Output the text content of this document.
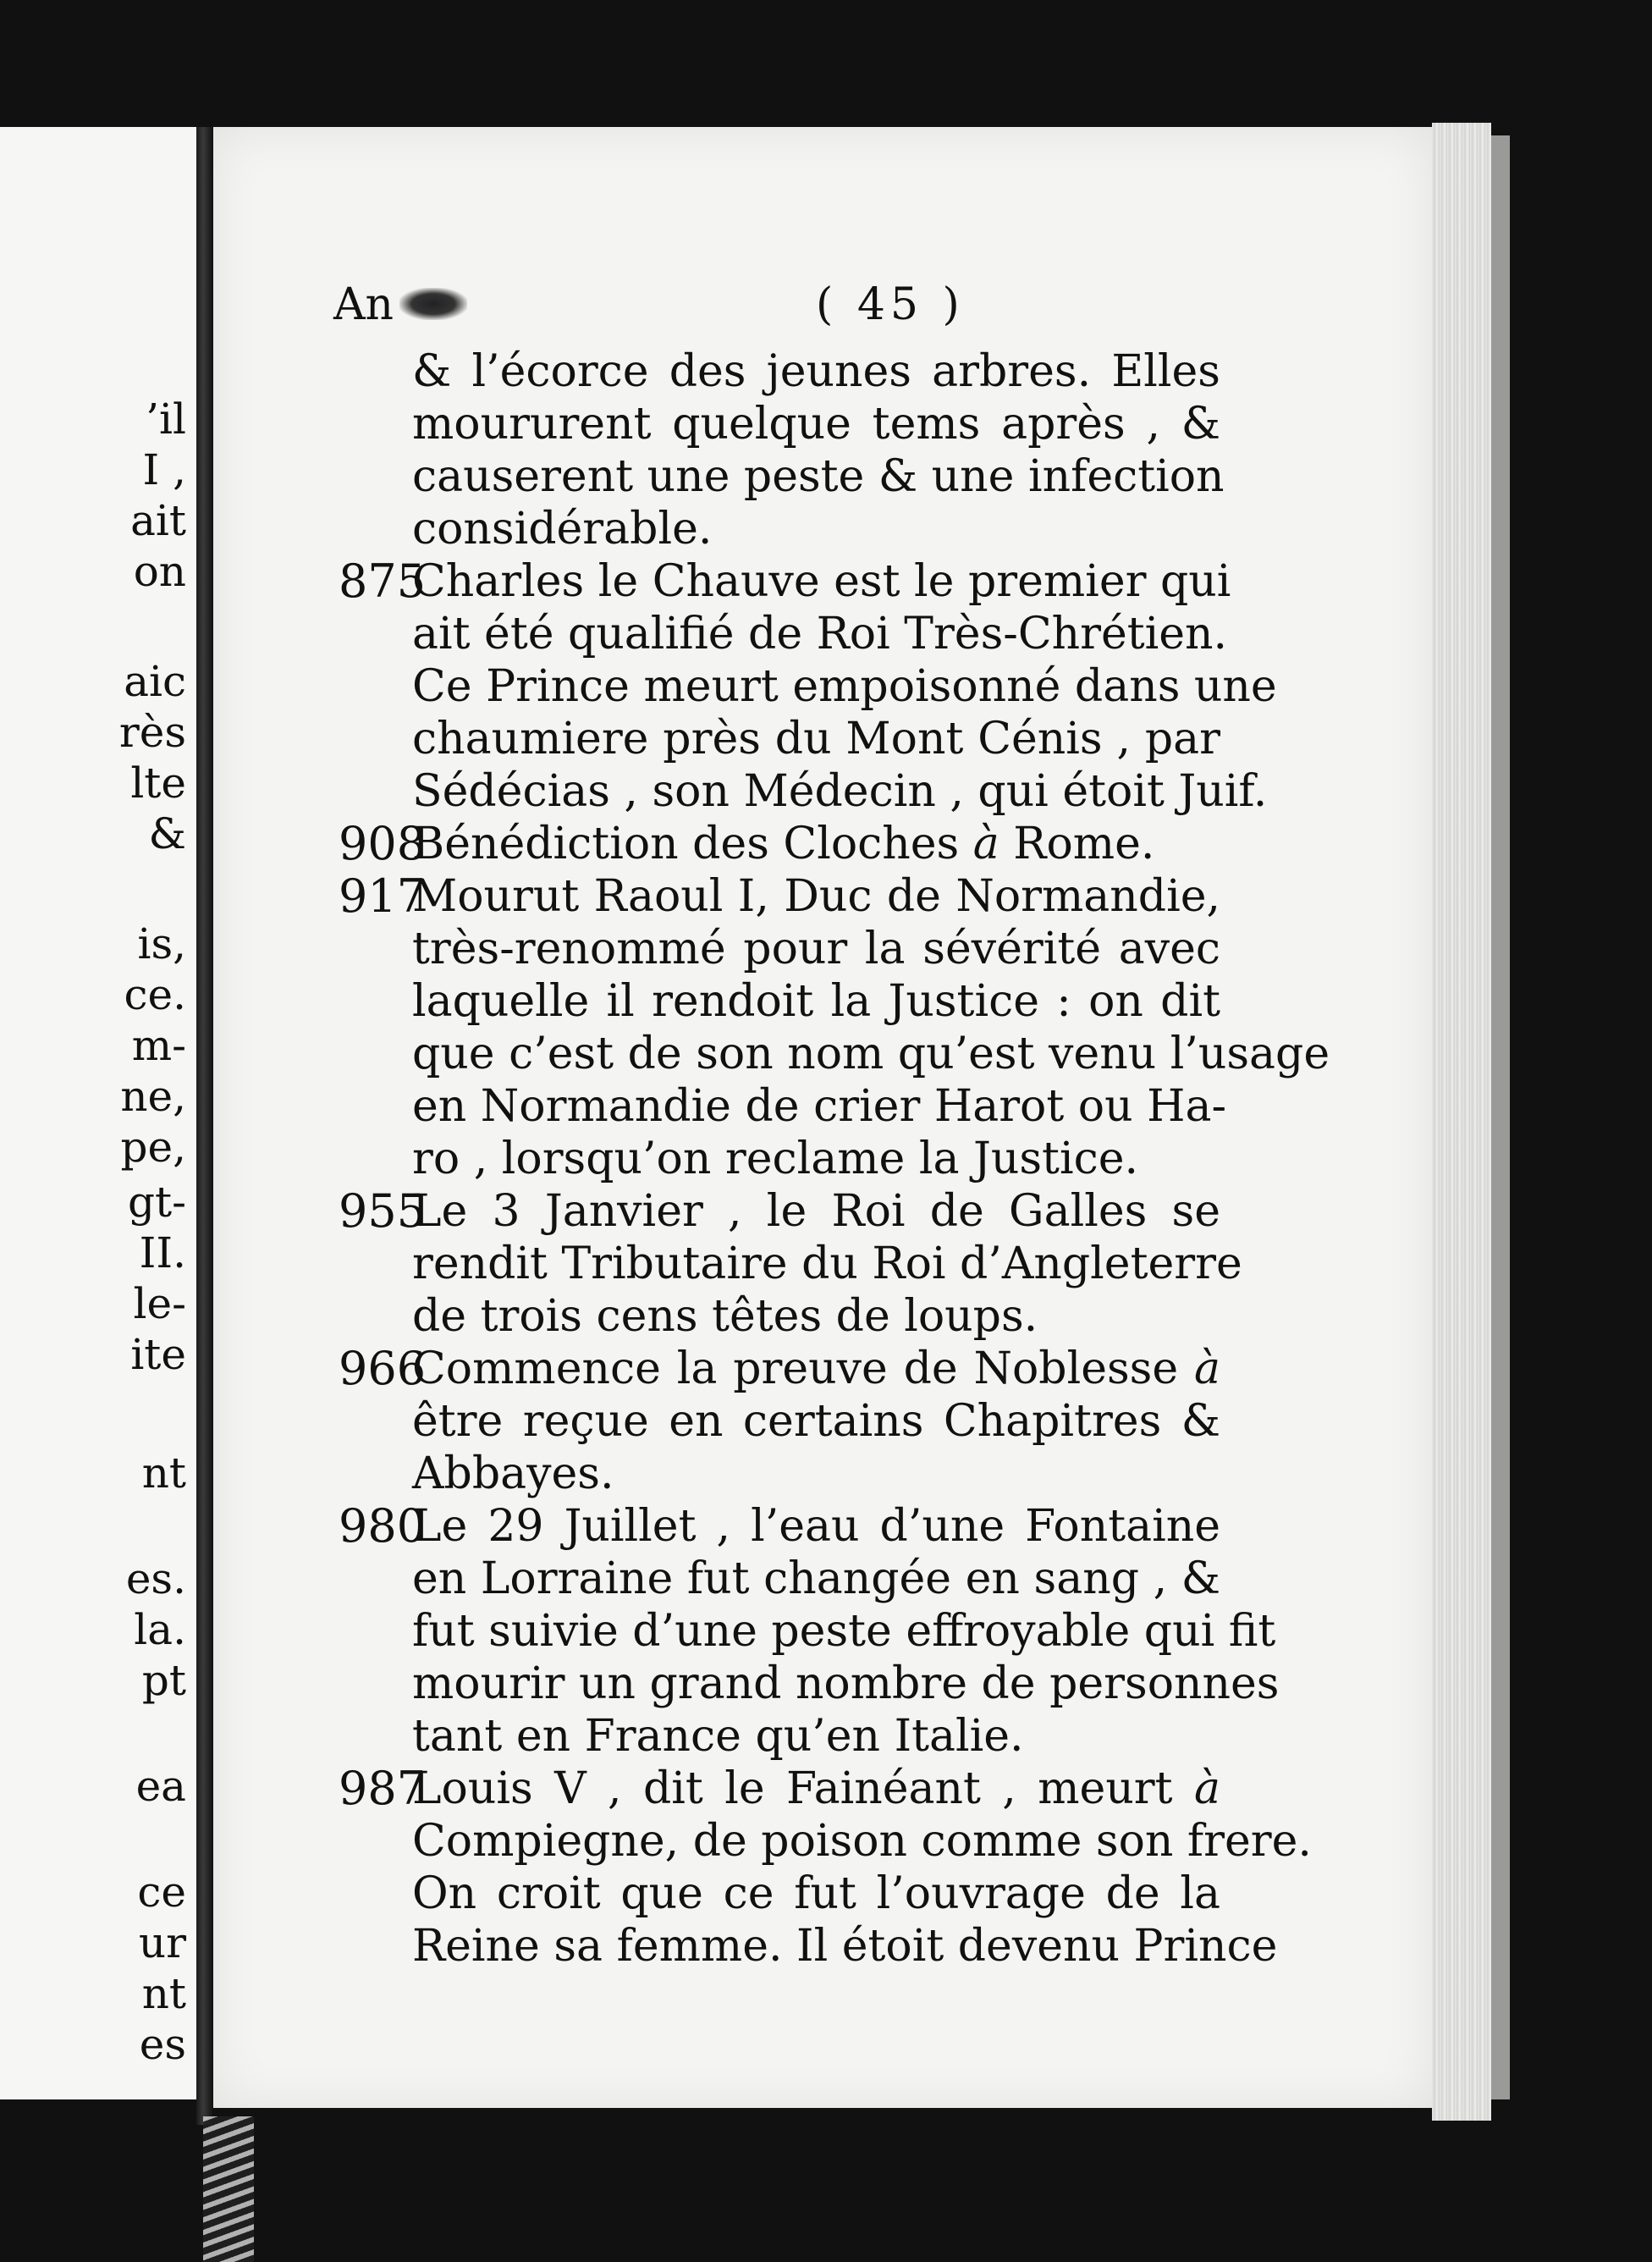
’il
I ,
ait
on
aic
rès
lte
&
is,
ce.
m-
ne,
pe,
gt-
II.
le-
ite
nt
es.
la.
pt
ea
ce
ur
nt
es
An	( 45 )
& l’écorce des jeunes arbres. Elles
moururent quelque tems après , &
causerent une peste & une infection
considérable.
875
Charles le Chauve est le premier qui
ait été qualifié de Roi Très-Chrétien.
Ce Prince meurt empoisonné dans une
chaumiere près du Mont Cénis , par
Sédécias , son Médecin , qui étoit Juif.
908
Bénédiction des Cloches à Rome.
917
Mourut Raoul I, Duc de Normandie,
très-renommé pour la sévérité avec
laquelle il rendoit la Justice : on dit
que c’est de son nom qu’est venu l’usage
en Normandie de crier Harot ou Ha-
ro , lorsqu’on reclame la Justice.
955
Le 3 Janvier , le Roi de Galles se
rendit Tributaire du Roi d’Angleterre
de trois cens têtes de loups.
966
Commence la preuve de Noblesse à
être reçue en certains Chapitres &
Abbayes.
980
Le 29 Juillet , l’eau d’une Fontaine
en Lorraine fut changée en sang , &
fut suivie d’une peste effroyable qui fit
mourir un grand nombre de personnes
tant en France qu’en Italie.
987
Louis V , dit le Fainéant , meurt à
Compiegne, de poison comme son frere.
On croit que ce fut l’ouvrage de la
Reine sa femme. Il étoit devenu Prince
